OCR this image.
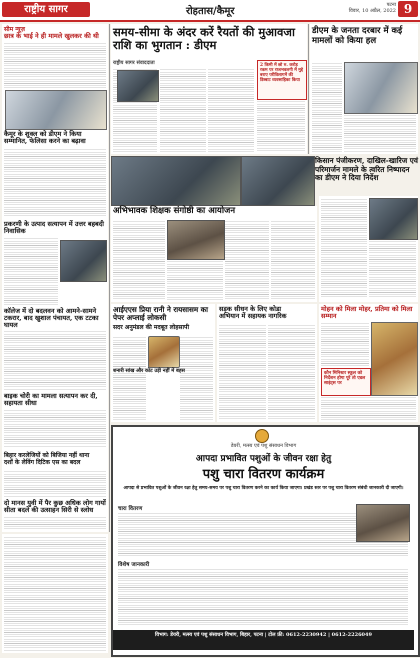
राष्ट्रीय सागर	रोहतास/कैमूर
पटना
विवार, 10 अप्रैल, 2022 9
सीम न्यूज़
छात्र के भाई ने ही मामले खुलकर की थी
कैमूर के शुक्ल को डीएम ने किया
सम्मानित, फेलिसा करने का बढ़ावा
प्रकरणी के उत्पाद सत्यापन में उत्तर बहबदी निवासिक
कॉलेज में दो बदलवन को आमने-सामने टकरार, बाद खुशाल पंचायत, एक टटका घायल
बाइक चोरी का मामला सत्यापन कर दी, सहायता सीधा
बिहार करलेजियों को बिजिया नहीं थाना
दशों के लेविंग दिटिक एस का बदल
दो मानस युवी में पैर कुछ अधिक लोग गायों
सीता बदले की उत्साहन सिरी से स्लोध
समय-सीमा के अंदर करें रैयतों की मुआवजा राशि का भुगतान : डीएम
राष्ट्रीय सागर संवाददाता	2 किमी में छो रु. करोड़ रकम पर राजभवलगी में मुद्दे बराए परीविलागमें की डिब्बाट व्यवसाहिका किया
डीएम के जनता दरबार में कई मामलों को किया हल
किसान पंजीकरण, दाखिल-खारिज एवं परिमार्जन मामले के त्वरित निष्पादन का डीएम ने दिया निर्देश
अभिभावक शिक्षक संगोष्ठी का आयोजन
आईएएस प्रिया रानी ने रायसासम का पेपर अप्लाई लोकसी
सदर अनुमंडल की मदबूत लोहसापी
शनारी सांख और कोट उड़ी नहीं में बहस
सड़क सीधन के लिए कोडा
अभियान में सहायक नागरिक
मोहन को मिला मोहर, प्रतिमा को मिला सम्मान
कौन मिनिस्टर स्कूल को निर्देशन होगा पूरे तो एडल साइंट्स पर
डेयरी, मत्स्य एवं पशु संसाधन विभाग
आपदा प्रभावित पशुओं के जीवन रक्षा हेतु
पशु चारा वितरण कार्यक्रम
आपदा से प्रभावित पशुओं के जीवन रक्षा हेतु समय-समय पर पशु चारा वितरण करने का कार्य किया जाएगा। प्रखंड स्तर पर पशु चारा वितरण संबंधी जानकारी दी जाएगी।
चारा वितरण
विशेष जानकारी
विभाग: डेयरी, मत्स्य एवं पशु संसाधन विभाग, बिहार, पटना | टोल फ्री: 0612-2230942 | 0612-2226049
